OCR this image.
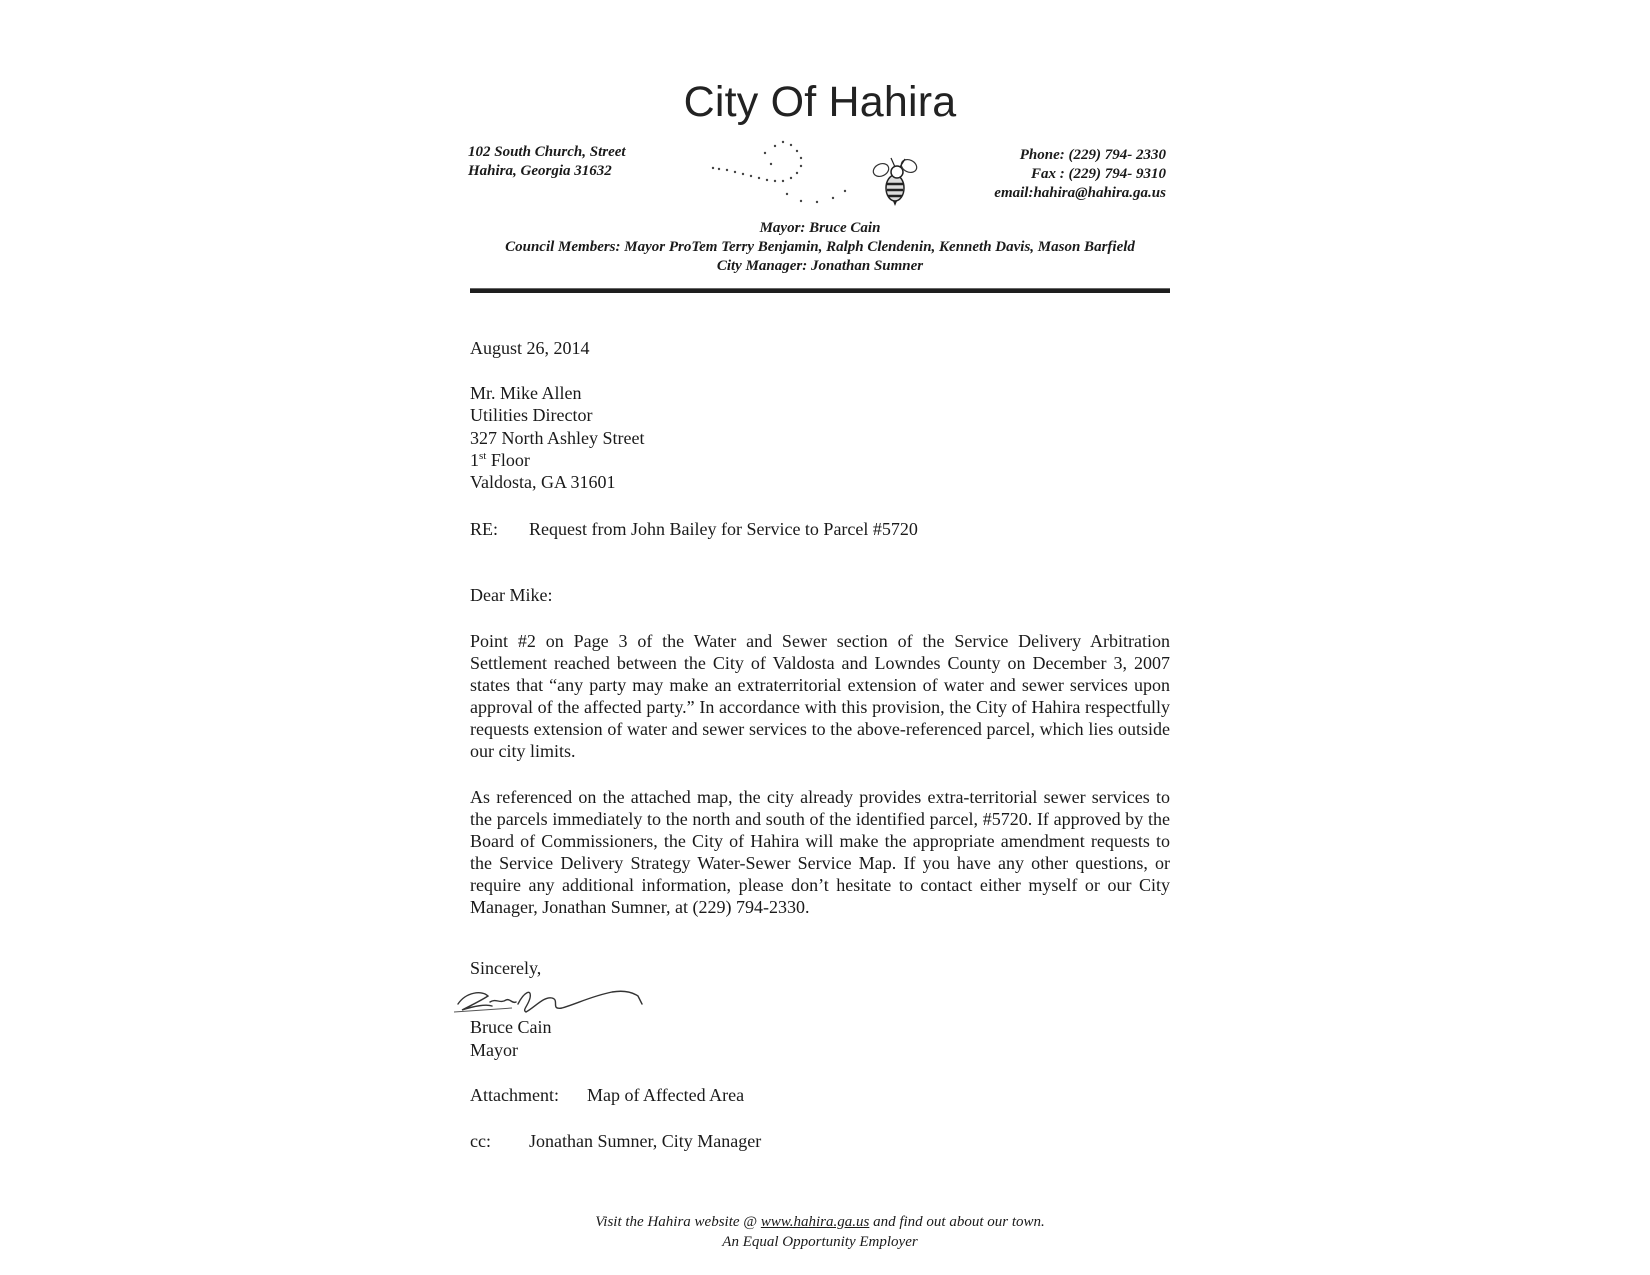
City Of Hahira
102 South Church, Street
Hahira, Georgia 31632
Phone: (229) 794- 2330
Fax : (229) 794- 9310
email:hahira@hahira.ga.us
Mayor: Bruce Cain
Council Members: Mayor ProTem Terry Benjamin, Ralph Clendenin, Kenneth Davis, Mason Barfield
City Manager: Jonathan Sumner
August 26, 2014
Mr. Mike Allen
Utilities Director
327 North Ashley Street
1st Floor
Valdosta, GA 31601
RE: Request from John Bailey for Service to Parcel #5720
Dear Mike:
Point #2 on Page 3 of the Water and Sewer section of the Service Delivery Arbitration Settlement reached between the City of Valdosta and Lowndes County on December 3, 2007 states that “any party may make an extraterritorial extension of water and sewer services upon approval of the affected party.” In accordance with this provision, the City of Hahira respectfully requests extension of water and sewer services to the above-referenced parcel, which lies outside our city limits.
As referenced on the attached map, the city already provides extra-territorial sewer services to the parcels immediately to the north and south of the identified parcel, #5720. If approved by the Board of Commissioners, the City of Hahira will make the appropriate amendment requests to the Service Delivery Strategy Water-Sewer Service Map. If you have any other questions, or require any additional information, please don’t hesitate to contact either myself or our City Manager, Jonathan Sumner, at (229) 794-2330.
Sincerely,
Bruce Cain
Mayor
Attachment: Map of Affected Area
cc: Jonathan Sumner, City Manager
Visit the Hahira website @ www.hahira.ga.us and find out about our town.
An Equal Opportunity Employer
